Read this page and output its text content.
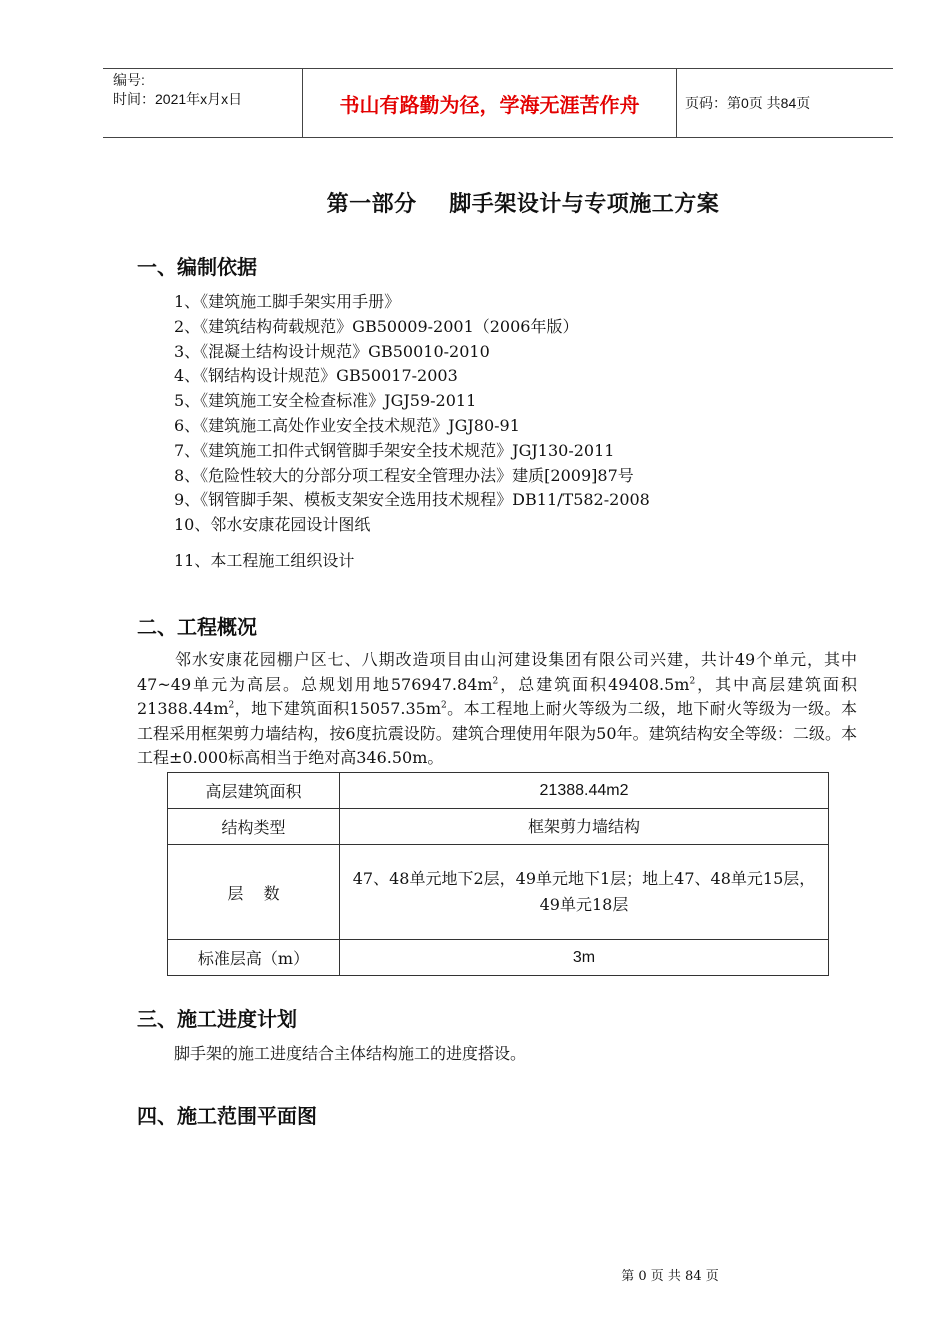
编号:
时间：2021年x月x日	书山有路勤为径，学海无涯苦作舟	页码：第0页 共84页
第一部分    脚手架设计与专项施工方案
一、编制依据
1、《建筑施工脚手架实用手册》
2、《建筑结构荷载规范》GB50009-2001（2006年版）
3、《混凝土结构设计规范》GB50010-2010
4、《钢结构设计规范》GB50017-2003
5、《建筑施工安全检查标准》JGJ59-2011
6、《建筑施工高处作业安全技术规范》JGJ80-91
7、《建筑施工扣件式钢管脚手架安全技术规范》JGJ130-2011
8、《危险性较大的分部分项工程安全管理办法》建质[2009]87号
9、《钢管脚手架、模板支架安全选用技术规程》DB11/T582-2008
10、邻水安康花园设计图纸
11、本工程施工组织设计
二、工程概况
邻水安康花园棚户区七、八期改造项目由山河建设集团有限公司兴建，共计49个单元，其中47~49单元为高层。总规划用地$576947.84m^2$，总建筑面积$49408.5m^2$，其中高层建筑面积$21388.44m^2$，地下建筑面积$15057.35m^2$。本工程地上耐火等级为二级，地下耐火等级为一级。本工程采用框架剪力墙结构，按6度抗震设防。建筑合理使用年限为50年。建筑结构安全等级：二级。本工程±0.000标高相当于绝对高346.50m。
高层建筑面积	21388.44m2
结构类型	框架剪力墙结构
层    数	47、48单元地下2层，49单元地下1层；地上47、48单元15层，49单元18层
标准层高（m）	3m
三、施工进度计划
脚手架的施工进度结合主体结构施工的进度搭设。
四、施工范围平面图
第 0 页 共 84 页
